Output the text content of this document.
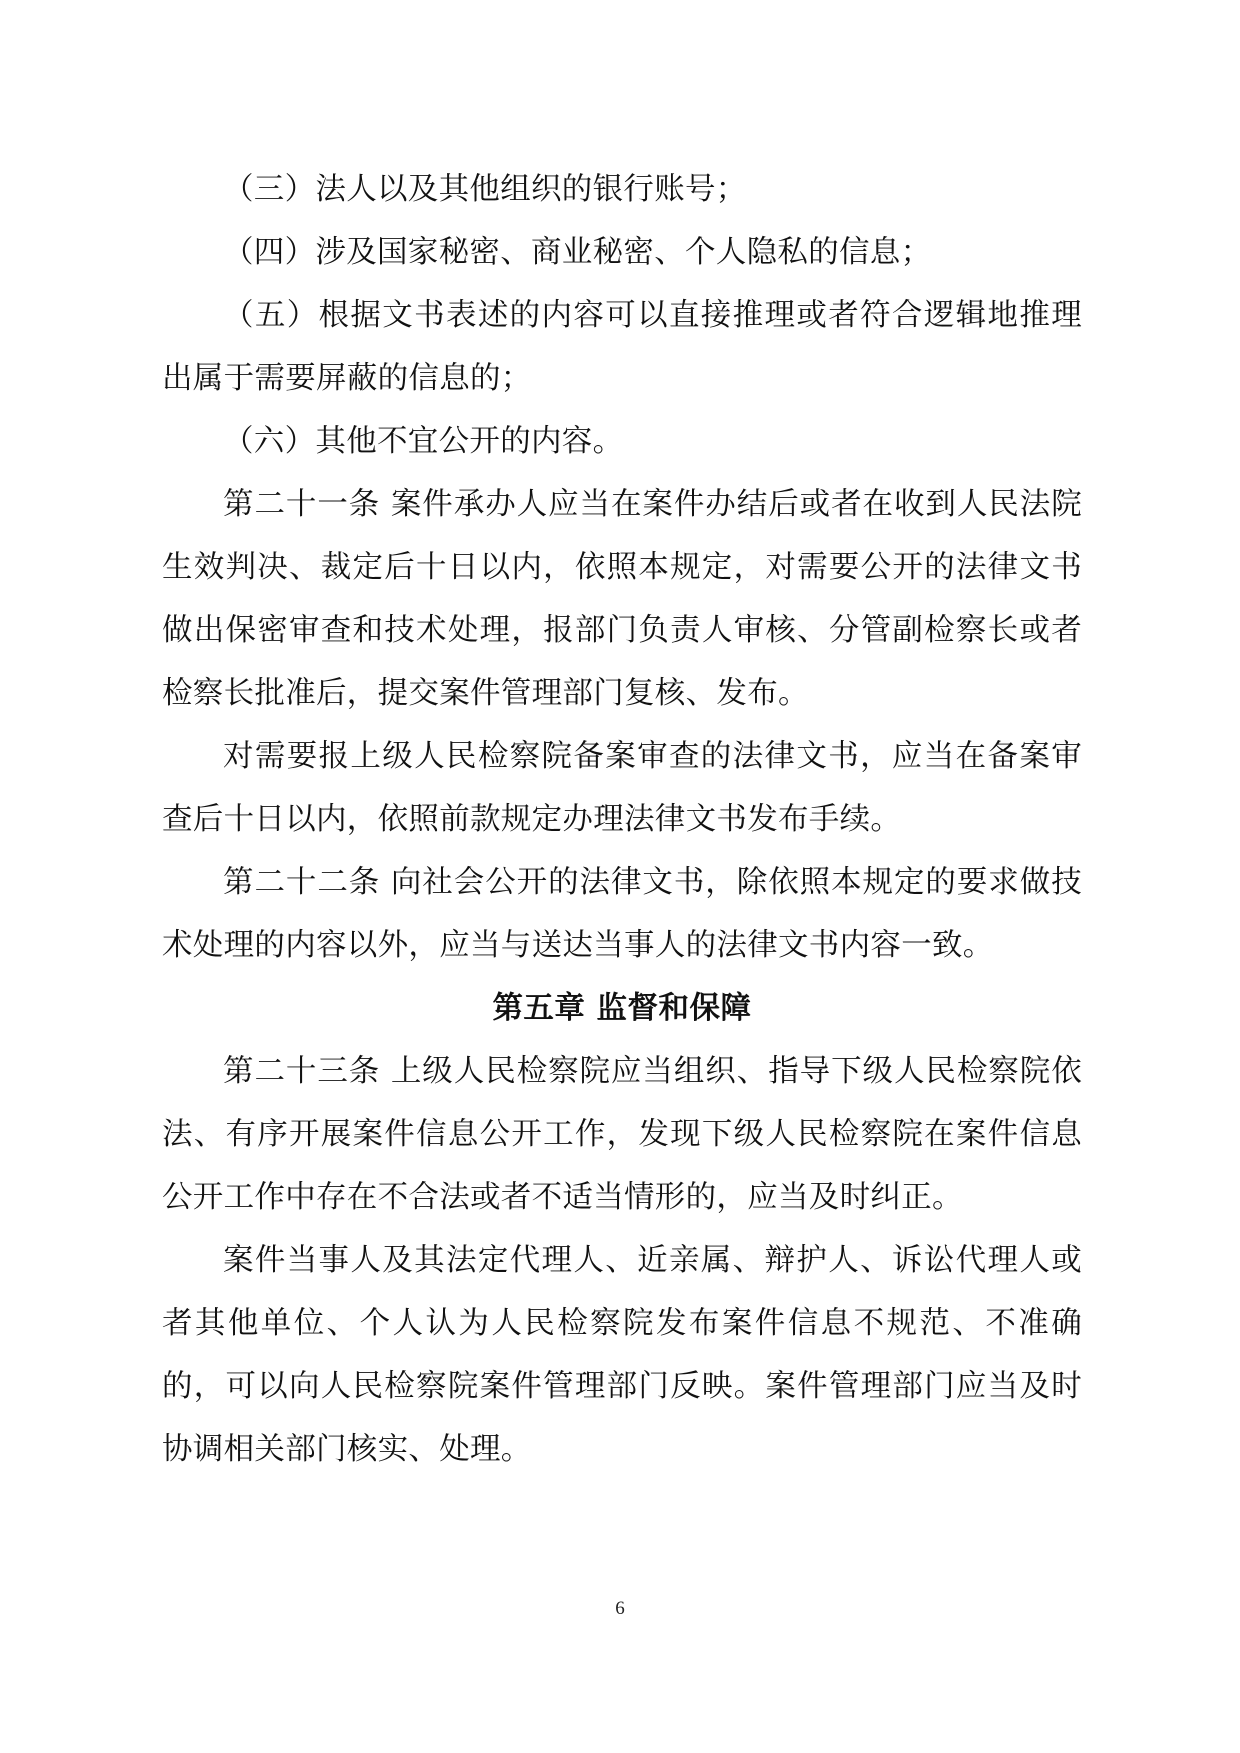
（三）法人以及其他组织的银行账号；

（四）涉及国家秘密、商业秘密、个人隐私的信息；

（五）根据文书表述的内容可以直接推理或者符合逻辑地推理出属于需要屏蔽的信息的；

（六）其他不宜公开的内容。

第二十一条 案件承办人应当在案件办结后或者在收到人民法院生效判决、裁定后十日以内，依照本规定，对需要公开的法律文书做出保密审查和技术处理，报部门负责人审核、分管副检察长或者检察长批准后，提交案件管理部门复核、发布。

对需要报上级人民检察院备案审查的法律文书，应当在备案审查后十日以内，依照前款规定办理法律文书发布手续。

第二十二条 向社会公开的法律文书，除依照本规定的要求做技术处理的内容以外，应当与送达当事人的法律文书内容一致。

第五章 监督和保障

第二十三条 上级人民检察院应当组织、指导下级人民检察院依法、有序开展案件信息公开工作，发现下级人民检察院在案件信息公开工作中存在不合法或者不适当情形的，应当及时纠正。

案件当事人及其法定代理人、近亲属、辩护人、诉讼代理人或者其他单位、个人认为人民检察院发布案件信息不规范、不准确的，可以向人民检察院案件管理部门反映。案件管理部门应当及时协调相关部门核实、处理。

6
